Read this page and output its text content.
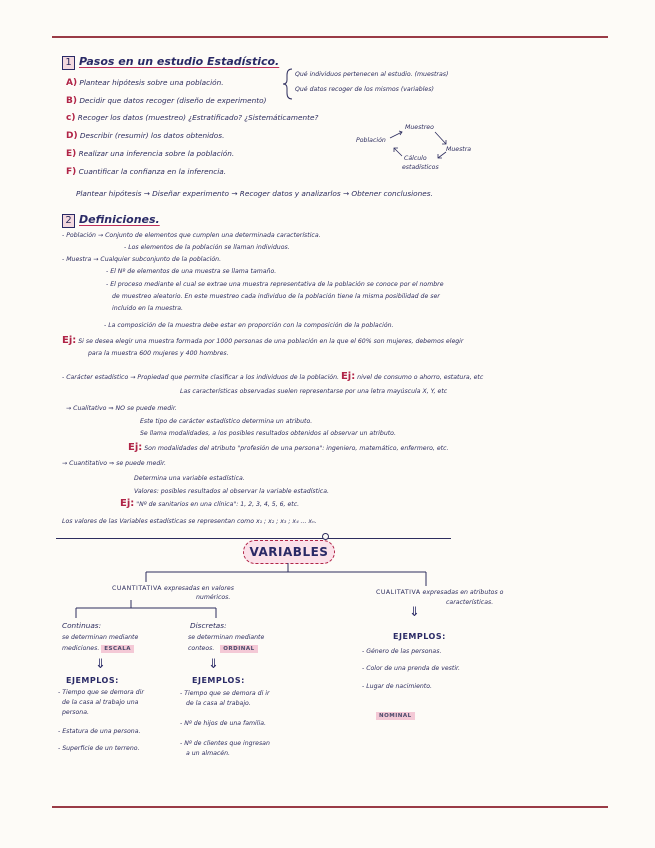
1 Pasos en un estudio Estadístico.
A) Plantear hipótesis sobre una población.
B) Decidir que datos recoger (diseño de experimento)
c) Recoger los datos (muestreo) ¿Estratificado? ¿Sistemáticamente?
D) Describir (resumir) los datos obtenidos.
E) Realizar una inferencia sobre la población.
F) Cuantificar la confianza en la inferencia.
Qué individuos pertenecen al estudio. (muestras)
Qué datos recoger de los mismos (variables)
Muestreo
Población
Muestra
Cálculo
estadísticos
Plantear hipótesis → Diseñar experimento → Recoger datos y analizarlos → Obtener conclusiones.
2 Definiciones.
- Población → Conjunto de elementos que cumplen una determinada característica.
- Los elementos de la población se llaman individuos.
- Muestra → Cualquier subconjunto de la población.
- El Nº de elementos de una muestra se llama tamaño.
- El proceso mediante el cual se extrae una muestra representativa de la población se conoce por el nombre
de muestreo aleatorio. En este muestreo cada individuo de la población tiene la misma posibilidad de ser
incluido en la muestra.
- La composición de la muestra debe estar en proporción con la composición de la población.
Ej: Si se desea elegir una muestra formada por 1000 personas de una población en la que el 60% son mujeres, debemos elegir
para la muestra 600 mujeres y 400 hombres.
- Carácter estadístico → Propiedad que permite clasificar a los individuos de la población. Ej: nivel de consumo o ahorro, estatura, etc
Las características observadas suelen representarse por una letra mayúscula X, Y, etc
→ Cualitativo ⇒ NO se puede medir.
Este tipo de carácter estadístico determina un atributo.
Se llama modalidades, a los posibles resultados obtenidos al observar un atributo.
Ej: Son modalidades del atributo "profesión de una persona": ingeniero, matemático, enfermero, etc.
→ Cuantitativo ⇒ se puede medir.
Determina una variable estadística.
Valores: posibles resultados al observar la variable estadística.
Ej: "Nº de sanitarios en una clínica": 1, 2, 3, 4, 5, 6, etc.
Los valores de las Variables estadísticas se representan como x₁ ; x₂ ; x₃ ; x₄ ... xₙ.
VARIABLES
CUANTITATIVA expresadas en valores
numéricos.
CUALITATIVA expresadas en atributos o
características.
⇓
EJEMPLOS:
- Género de las personas.
- Color de una prenda de vestir.
- Lugar de nacimiento.
NOMINAL
Continuas:
se determinan mediante
mediciones. ESCALA
⇓
EJEMPLOS:
- Tiempo que se demora dir
de la casa al trabajo una
persona.
- Estatura de una persona.
- Superficie de un terreno.
Discretas:
se determinan mediante
conteos. ORDINAL
⇓
EJEMPLOS:
- Tiempo que se demora di ir
de la casa al trabajo.
- Nº de hijos de una familia.
- Nº de clientes que ingresan
a un almacén.
